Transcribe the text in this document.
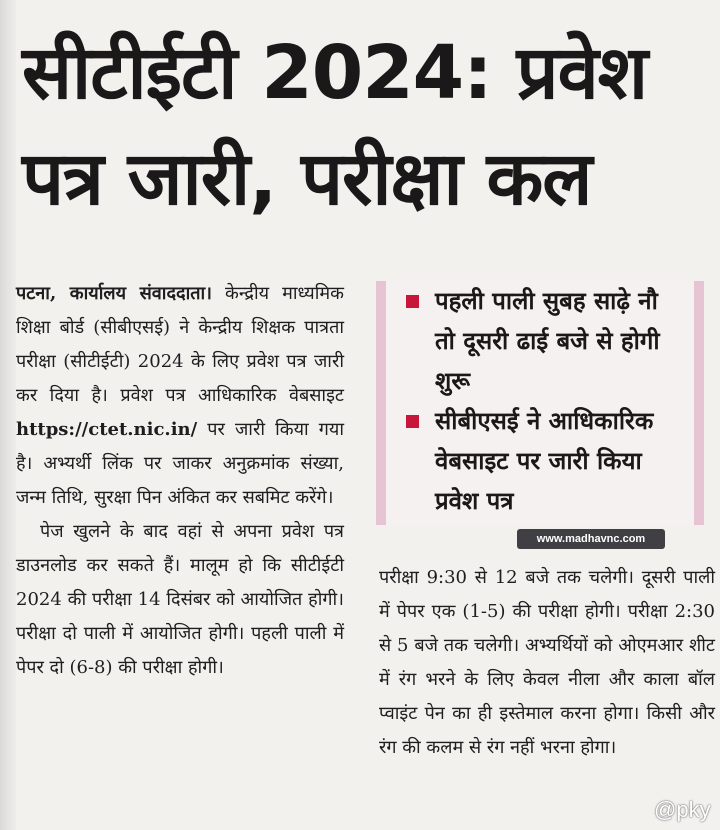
सीटीईटी 2024: प्रवेश
पत्र जारी, परीक्षा कल

पटना, कार्यालय संवाददाता। केन्द्रीय माध्यमिक शिक्षा बोर्ड (सीबीएसई) ने केन्द्रीय शिक्षक पात्रता परीक्षा (सीटीईटी) 2024 के लिए प्रवेश पत्र जारी कर दिया है। प्रवेश पत्र आधिकारिक वेबसाइट https://ctet.nic.in/ पर जारी किया गया है। अभ्यर्थी लिंक पर जाकर अनुक्रमांक संख्या, जन्म तिथि, सुरक्षा पिन अंकित कर सबमिट करेंगे।

पेज खुलने के बाद वहां से अपना प्रवेश पत्र डाउनलोड कर सकते हैं। मालूम हो कि सीटीईटी 2024 की परीक्षा 14 दिसंबर को आयोजित होगी। परीक्षा दो पाली में आयोजित होगी। पहली पाली में पेपर दो (6-8) की परीक्षा होगी।

पहली पाली सुबह साढ़े नौ तो दूसरी ढाई बजे से होगी शुरू
सीबीएसई ने आधिकारिक वेबसाइट पर जारी किया प्रवेश पत्र
www.madhavnc.com

परीक्षा 9:30 से 12 बजे तक चलेगी। दूसरी पाली में पेपर एक (1-5) की परीक्षा होगी। परीक्षा 2:30 से 5 बजे तक चलेगी। अभ्यर्थियों को ओएमआर शीट में रंग भरने के लिए केवल नीला और काला बॉल प्वाइंट पेन का ही इस्तेमाल करना होगा। किसी और रंग की कलम से रंग नहीं भरना होगा।

@pky
